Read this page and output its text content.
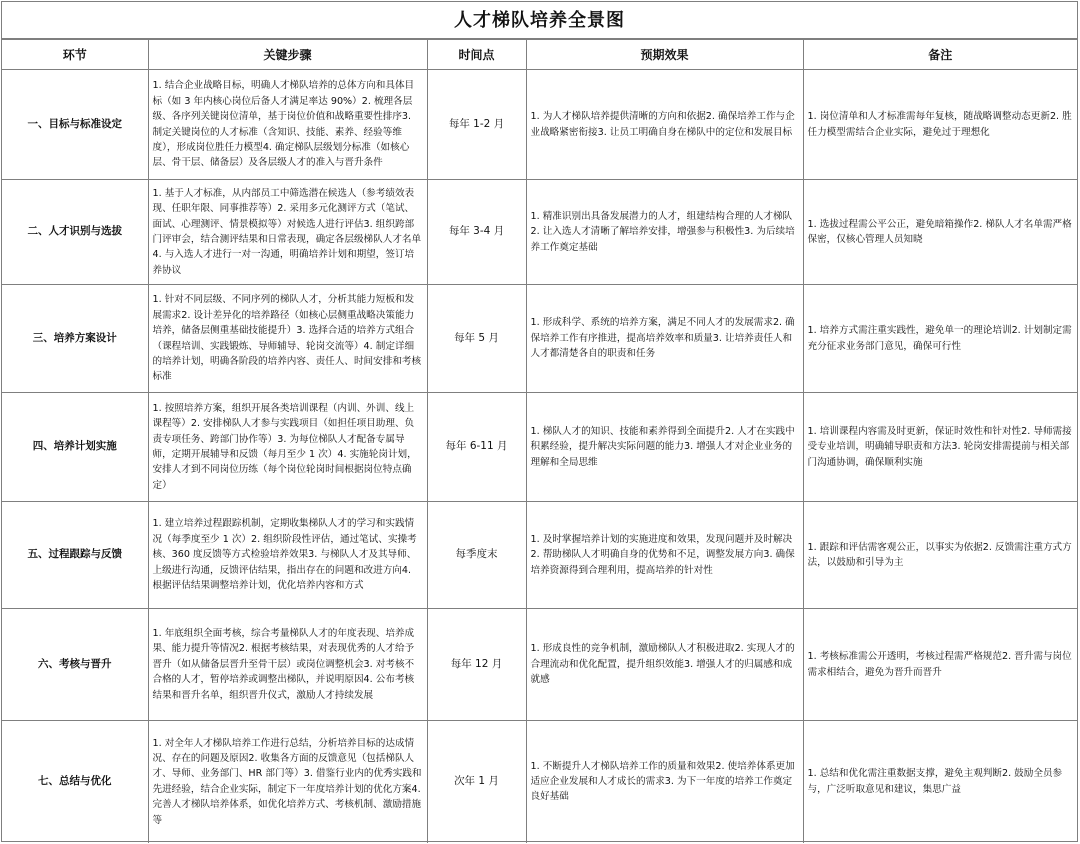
人才梯队培养全景图
环节	关键步骤	时间点	预期效果	备注
一、目标与标准设定	1. 结合企业战略目标，明确人才梯队培养的总体方向和具体目标（如 3 年内核心岗位后备人才满足率达 90%）2. 梳理各层级、各序列关键岗位清单，基于岗位价值和战略重要性排序3. 制定关键岗位的人才标准（含知识、技能、素养、经验等维度），形成岗位胜任力模型4. 确定梯队层级划分标准（如核心层、骨干层、储备层）及各层级人才的准入与晋升条件	每年 1-2 月	1. 为人才梯队培养提供清晰的方向和依据2. 确保培养工作与企业战略紧密衔接3. 让员工明确自身在梯队中的定位和发展目标	1. 岗位清单和人才标准需每年复核，随战略调整动态更新2. 胜任力模型需结合企业实际，避免过于理想化
二、人才识别与选拔	1. 基于人才标准，从内部员工中筛选潜在候选人（参考绩效表现、任职年限、同事推荐等）2. 采用多元化测评方式（笔试、面试、心理测评、情景模拟等）对候选人进行评估3. 组织跨部门评审会，结合测评结果和日常表现，确定各层级梯队人才名单4. 与入选人才进行一对一沟通，明确培养计划和期望，签订培养协议	每年 3-4 月	1. 精准识别出具备发展潜力的人才，组建结构合理的人才梯队2. 让入选人才清晰了解培养安排，增强参与积极性3. 为后续培养工作奠定基础	1. 选拔过程需公平公正，避免暗箱操作2. 梯队人才名单需严格保密，仅核心管理人员知晓
三、培养方案设计	1. 针对不同层级、不同序列的梯队人才，分析其能力短板和发展需求2. 设计差异化的培养路径（如核心层侧重战略决策能力培养，储备层侧重基础技能提升）3. 选择合适的培养方式组合（课程培训、实践锻炼、导师辅导、轮岗交流等）4. 制定详细的培养计划，明确各阶段的培养内容、责任人、时间安排和考核标准	每年 5 月	1. 形成科学、系统的培养方案，满足不同人才的发展需求2. 确保培养工作有序推进，提高培养效率和质量3. 让培养责任人和人才都清楚各自的职责和任务	1. 培养方式需注重实践性，避免单一的理论培训2. 计划制定需充分征求业务部门意见，确保可行性
四、培养计划实施	1. 按照培养方案，组织开展各类培训课程（内训、外训、线上课程等）2. 安排梯队人才参与实践项目（如担任项目助理、负责专项任务、跨部门协作等）3. 为每位梯队人才配备专属导师，定期开展辅导和反馈（每月至少 1 次）4. 实施轮岗计划，安排人才到不同岗位历练（每个岗位轮岗时间根据岗位特点确定）	每年 6-11 月	1. 梯队人才的知识、技能和素养得到全面提升2. 人才在实践中积累经验，提升解决实际问题的能力3. 增强人才对企业业务的理解和全局思维	1. 培训课程内容需及时更新，保证时效性和针对性2. 导师需接受专业培训，明确辅导职责和方法3. 轮岗安排需提前与相关部门沟通协调，确保顺利实施
五、过程跟踪与反馈	1. 建立培养过程跟踪机制，定期收集梯队人才的学习和实践情况（每季度至少 1 次）2. 组织阶段性评估，通过笔试、实操考核、360 度反馈等方式检验培养效果3. 与梯队人才及其导师、上级进行沟通，反馈评估结果，指出存在的问题和改进方向4. 根据评估结果调整培养计划，优化培养内容和方式	每季度末	1. 及时掌握培养计划的实施进度和效果，发现问题并及时解决2. 帮助梯队人才明确自身的优势和不足，调整发展方向3. 确保培养资源得到合理利用，提高培养的针对性	1. 跟踪和评估需客观公正，以事实为依据2. 反馈需注重方式方法，以鼓励和引导为主
六、考核与晋升	1. 年底组织全面考核，综合考量梯队人才的年度表现、培养成果、能力提升等情况2. 根据考核结果，对表现优秀的人才给予晋升（如从储备层晋升至骨干层）或岗位调整机会3. 对考核不合格的人才，暂停培养或调整出梯队，并说明原因4. 公布考核结果和晋升名单，组织晋升仪式，激励人才持续发展	每年 12 月	1. 形成良性的竞争机制，激励梯队人才积极进取2. 实现人才的合理流动和优化配置，提升组织效能3. 增强人才的归属感和成就感	1. 考核标准需公开透明，考核过程需严格规范2. 晋升需与岗位需求相结合，避免为晋升而晋升
七、总结与优化	1. 对全年人才梯队培养工作进行总结，分析培养目标的达成情况、存在的问题及原因2. 收集各方面的反馈意见（包括梯队人才、导师、业务部门、HR 部门等）3. 借鉴行业内的优秀实践和先进经验，结合企业实际，制定下一年度培养计划的优化方案4. 完善人才梯队培养体系，如优化培养方式、考核机制、激励措施等	次年 1 月	1. 不断提升人才梯队培养工作的质量和效果2. 使培养体系更加适应企业发展和人才成长的需求3. 为下一年度的培养工作奠定良好基础	1. 总结和优化需注重数据支撑，避免主观判断2. 鼓励全员参与，广泛听取意见和建议，集思广益
